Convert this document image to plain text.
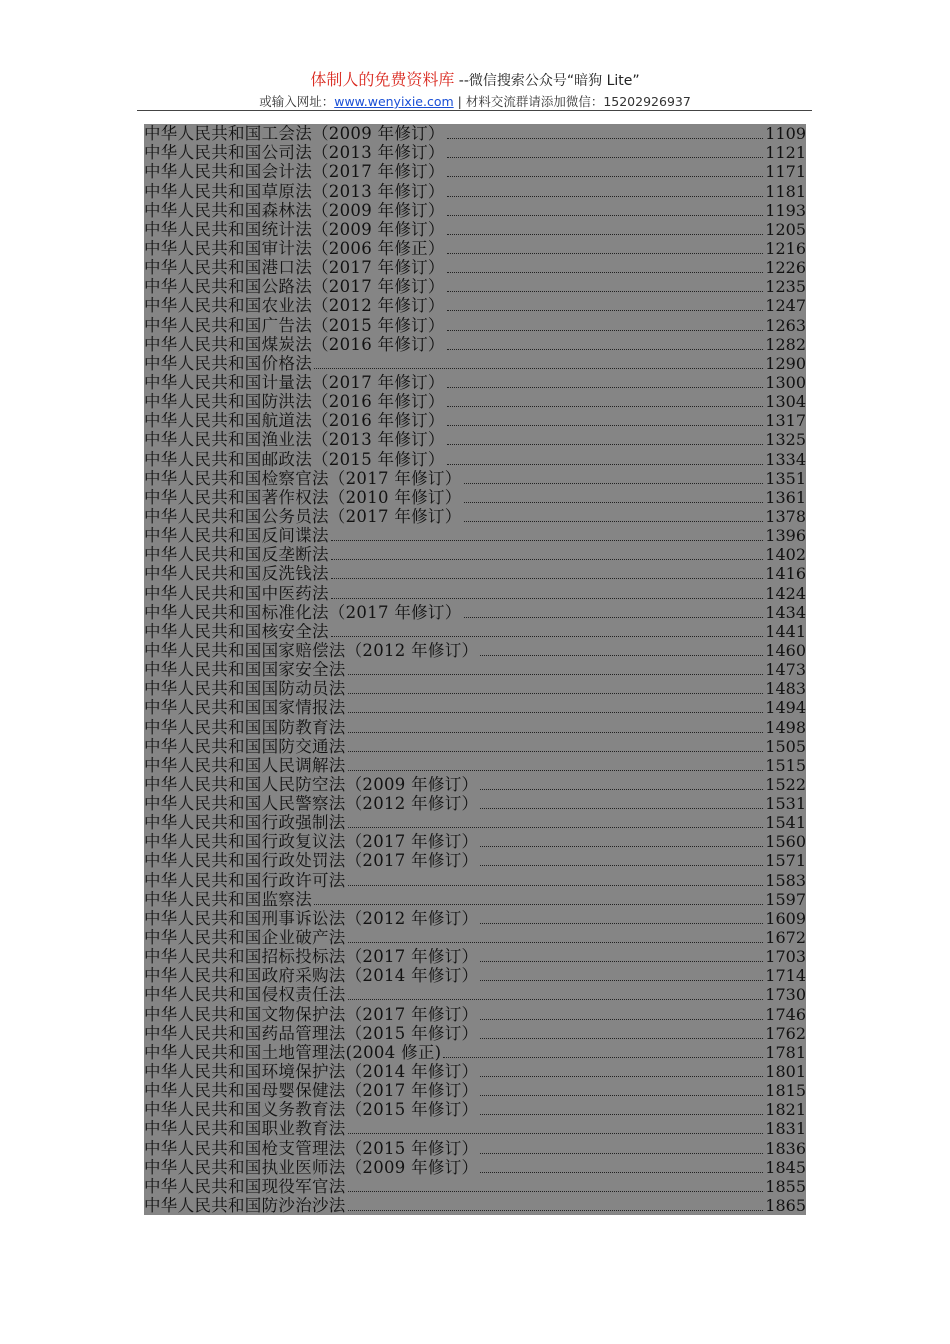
体制人的免费资料库 --微信搜索公众号“暗狗 Lite”
或输入网址：www.wenyixie.com | 材料交流群请添加微信：15202926937
中华人民共和国工会法（2009 年修订）	1109
中华人民共和国公司法（2013 年修订）	1121
中华人民共和国会计法（2017 年修订）	1171
中华人民共和国草原法（2013 年修订）	1181
中华人民共和国森林法（2009 年修订）	1193
中华人民共和国统计法（2009 年修订）	1205
中华人民共和国审计法（2006 年修正）	1216
中华人民共和国港口法（2017 年修订）	1226
中华人民共和国公路法（2017 年修订）	1235
中华人民共和国农业法（2012 年修订）	1247
中华人民共和国广告法（2015 年修订）	1263
中华人民共和国煤炭法（2016 年修订）	1282
中华人民共和国价格法	1290
中华人民共和国计量法（2017 年修订）	1300
中华人民共和国防洪法（2016 年修订）	1304
中华人民共和国航道法（2016 年修订）	1317
中华人民共和国渔业法（2013 年修订）	1325
中华人民共和国邮政法（2015 年修订）	1334
中华人民共和国检察官法（2017 年修订）	1351
中华人民共和国著作权法（2010 年修订）	1361
中华人民共和国公务员法（2017 年修订）	1378
中华人民共和国反间谍法	1396
中华人民共和国反垄断法	1402
中华人民共和国反洗钱法	1416
中华人民共和国中医药法	1424
中华人民共和国标准化法（2017 年修订）	1434
中华人民共和国核安全法	1441
中华人民共和国国家赔偿法（2012 年修订）	1460
中华人民共和国国家安全法	1473
中华人民共和国国防动员法	1483
中华人民共和国国家情报法	1494
中华人民共和国国防教育法	1498
中华人民共和国国防交通法	1505
中华人民共和国人民调解法	1515
中华人民共和国人民防空法（2009 年修订）	1522
中华人民共和国人民警察法（2012 年修订）	1531
中华人民共和国行政强制法	1541
中华人民共和国行政复议法（2017 年修订）	1560
中华人民共和国行政处罚法（2017 年修订）	1571
中华人民共和国行政许可法	1583
中华人民共和国监察法	1597
中华人民共和国刑事诉讼法（2012 年修订）	1609
中华人民共和国企业破产法	1672
中华人民共和国招标投标法（2017 年修订）	1703
中华人民共和国政府采购法（2014 年修订）	1714
中华人民共和国侵权责任法	1730
中华人民共和国文物保护法（2017 年修订）	1746
中华人民共和国药品管理法（2015 年修订）	1762
中华人民共和国土地管理法(2004 修正)	1781
中华人民共和国环境保护法（2014 年修订）	1801
中华人民共和国母婴保健法（2017 年修订）	1815
中华人民共和国义务教育法（2015 年修订）	1821
中华人民共和国职业教育法	1831
中华人民共和国枪支管理法（2015 年修订）	1836
中华人民共和国执业医师法（2009 年修订）	1845
中华人民共和国现役军官法	1855
中华人民共和国防沙治沙法	1865
